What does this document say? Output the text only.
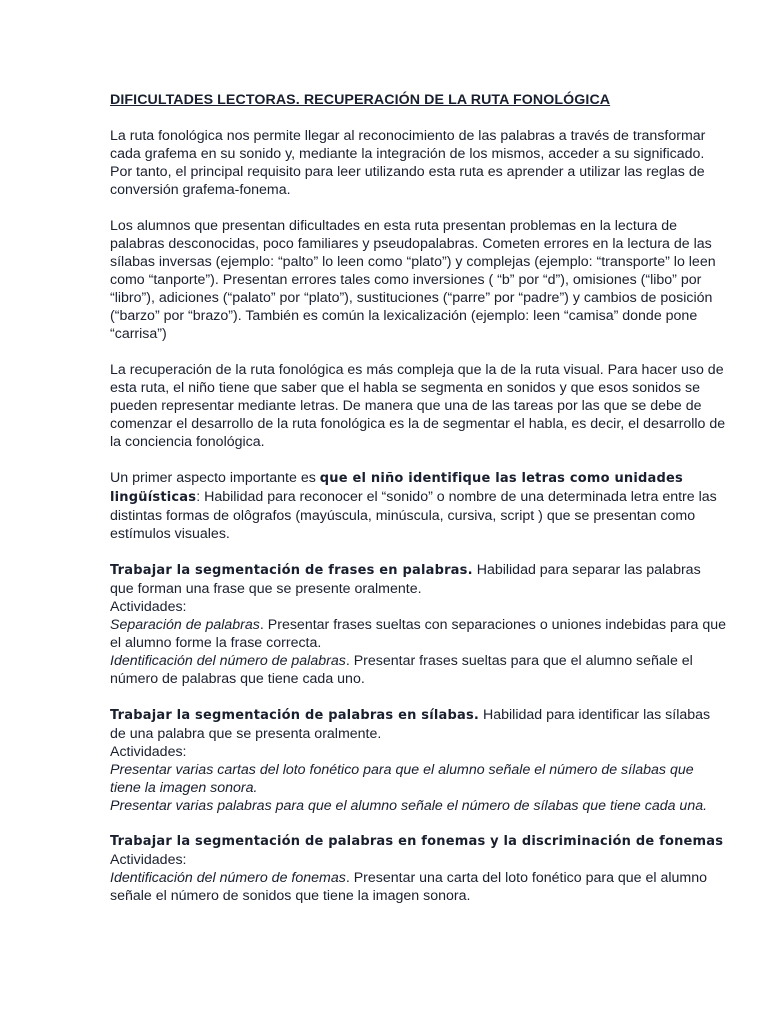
DIFICULTADES LECTORAS. RECUPERACIÓN DE LA RUTA FONOLÓGICA
La ruta fonológica nos permite llegar al reconocimiento de las palabras a través de transformar cada grafema en su sonido y, mediante la integración de los mismos, acceder a su significado. Por tanto, el principal requisito para leer utilizando esta ruta es aprender a utilizar las reglas de conversión grafema-fonema.
Los alumnos que presentan dificultades en esta ruta presentan problemas en la lectura de palabras desconocidas, poco familiares y pseudopalabras. Cometen errores en la lectura de las sílabas inversas (ejemplo: “palto” lo leen como “plato”) y complejas (ejemplo: “transporte” lo leen como “tanporte”). Presentan errores tales como inversiones ( “b” por “d”), omisiones (“libo” por “libro”), adiciones (“palato” por “plato”), sustituciones (“parre” por “padre”) y cambios de posición (“barzo” por “brazo”). También es común la lexicalización (ejemplo: leen “camisa” donde pone “carrisa”)
La recuperación de la ruta fonológica es más compleja que la de la ruta visual. Para hacer uso de esta ruta, el niño tiene que saber que el habla se segmenta en sonidos y que esos sonidos se pueden representar mediante letras. De manera que una de las tareas por las que se debe de comenzar el desarrollo de la ruta fonológica es la de segmentar el habla, es decir, el desarrollo de la conciencia fonológica.
Un primer aspecto importante es que el niño identifique las letras como unidades lingüísticas: Habilidad para reconocer el “sonido” o nombre de una determinada letra entre las distintas formas de olôgrafos (mayúscula, minúscula, cursiva, script ) que se presentan como estímulos visuales.
Trabajar la segmentación de frases en palabras. Habilidad para separar las palabras que forman una frase que se presente oralmente.
Actividades:
Separación de palabras. Presentar frases sueltas con separaciones o uniones indebidas para que el alumno forme la frase correcta.
Identificación del número de palabras. Presentar frases sueltas para que el alumno señale el número de palabras que tiene cada uno.
Trabajar la segmentación de palabras en sílabas. Habilidad para identificar las sílabas de una palabra que se presenta oralmente.
Actividades:
Presentar varias cartas del loto fonético para que el alumno señale el número de sílabas que tiene la imagen sonora.
Presentar varias palabras para que el alumno señale el número de sílabas que tiene cada una.
Trabajar la segmentación de palabras en fonemas y la discriminación de fonemas
Actividades:
Identificación del número de fonemas. Presentar una carta del loto fonético para que el alumno señale el número de sonidos que tiene la imagen sonora.
